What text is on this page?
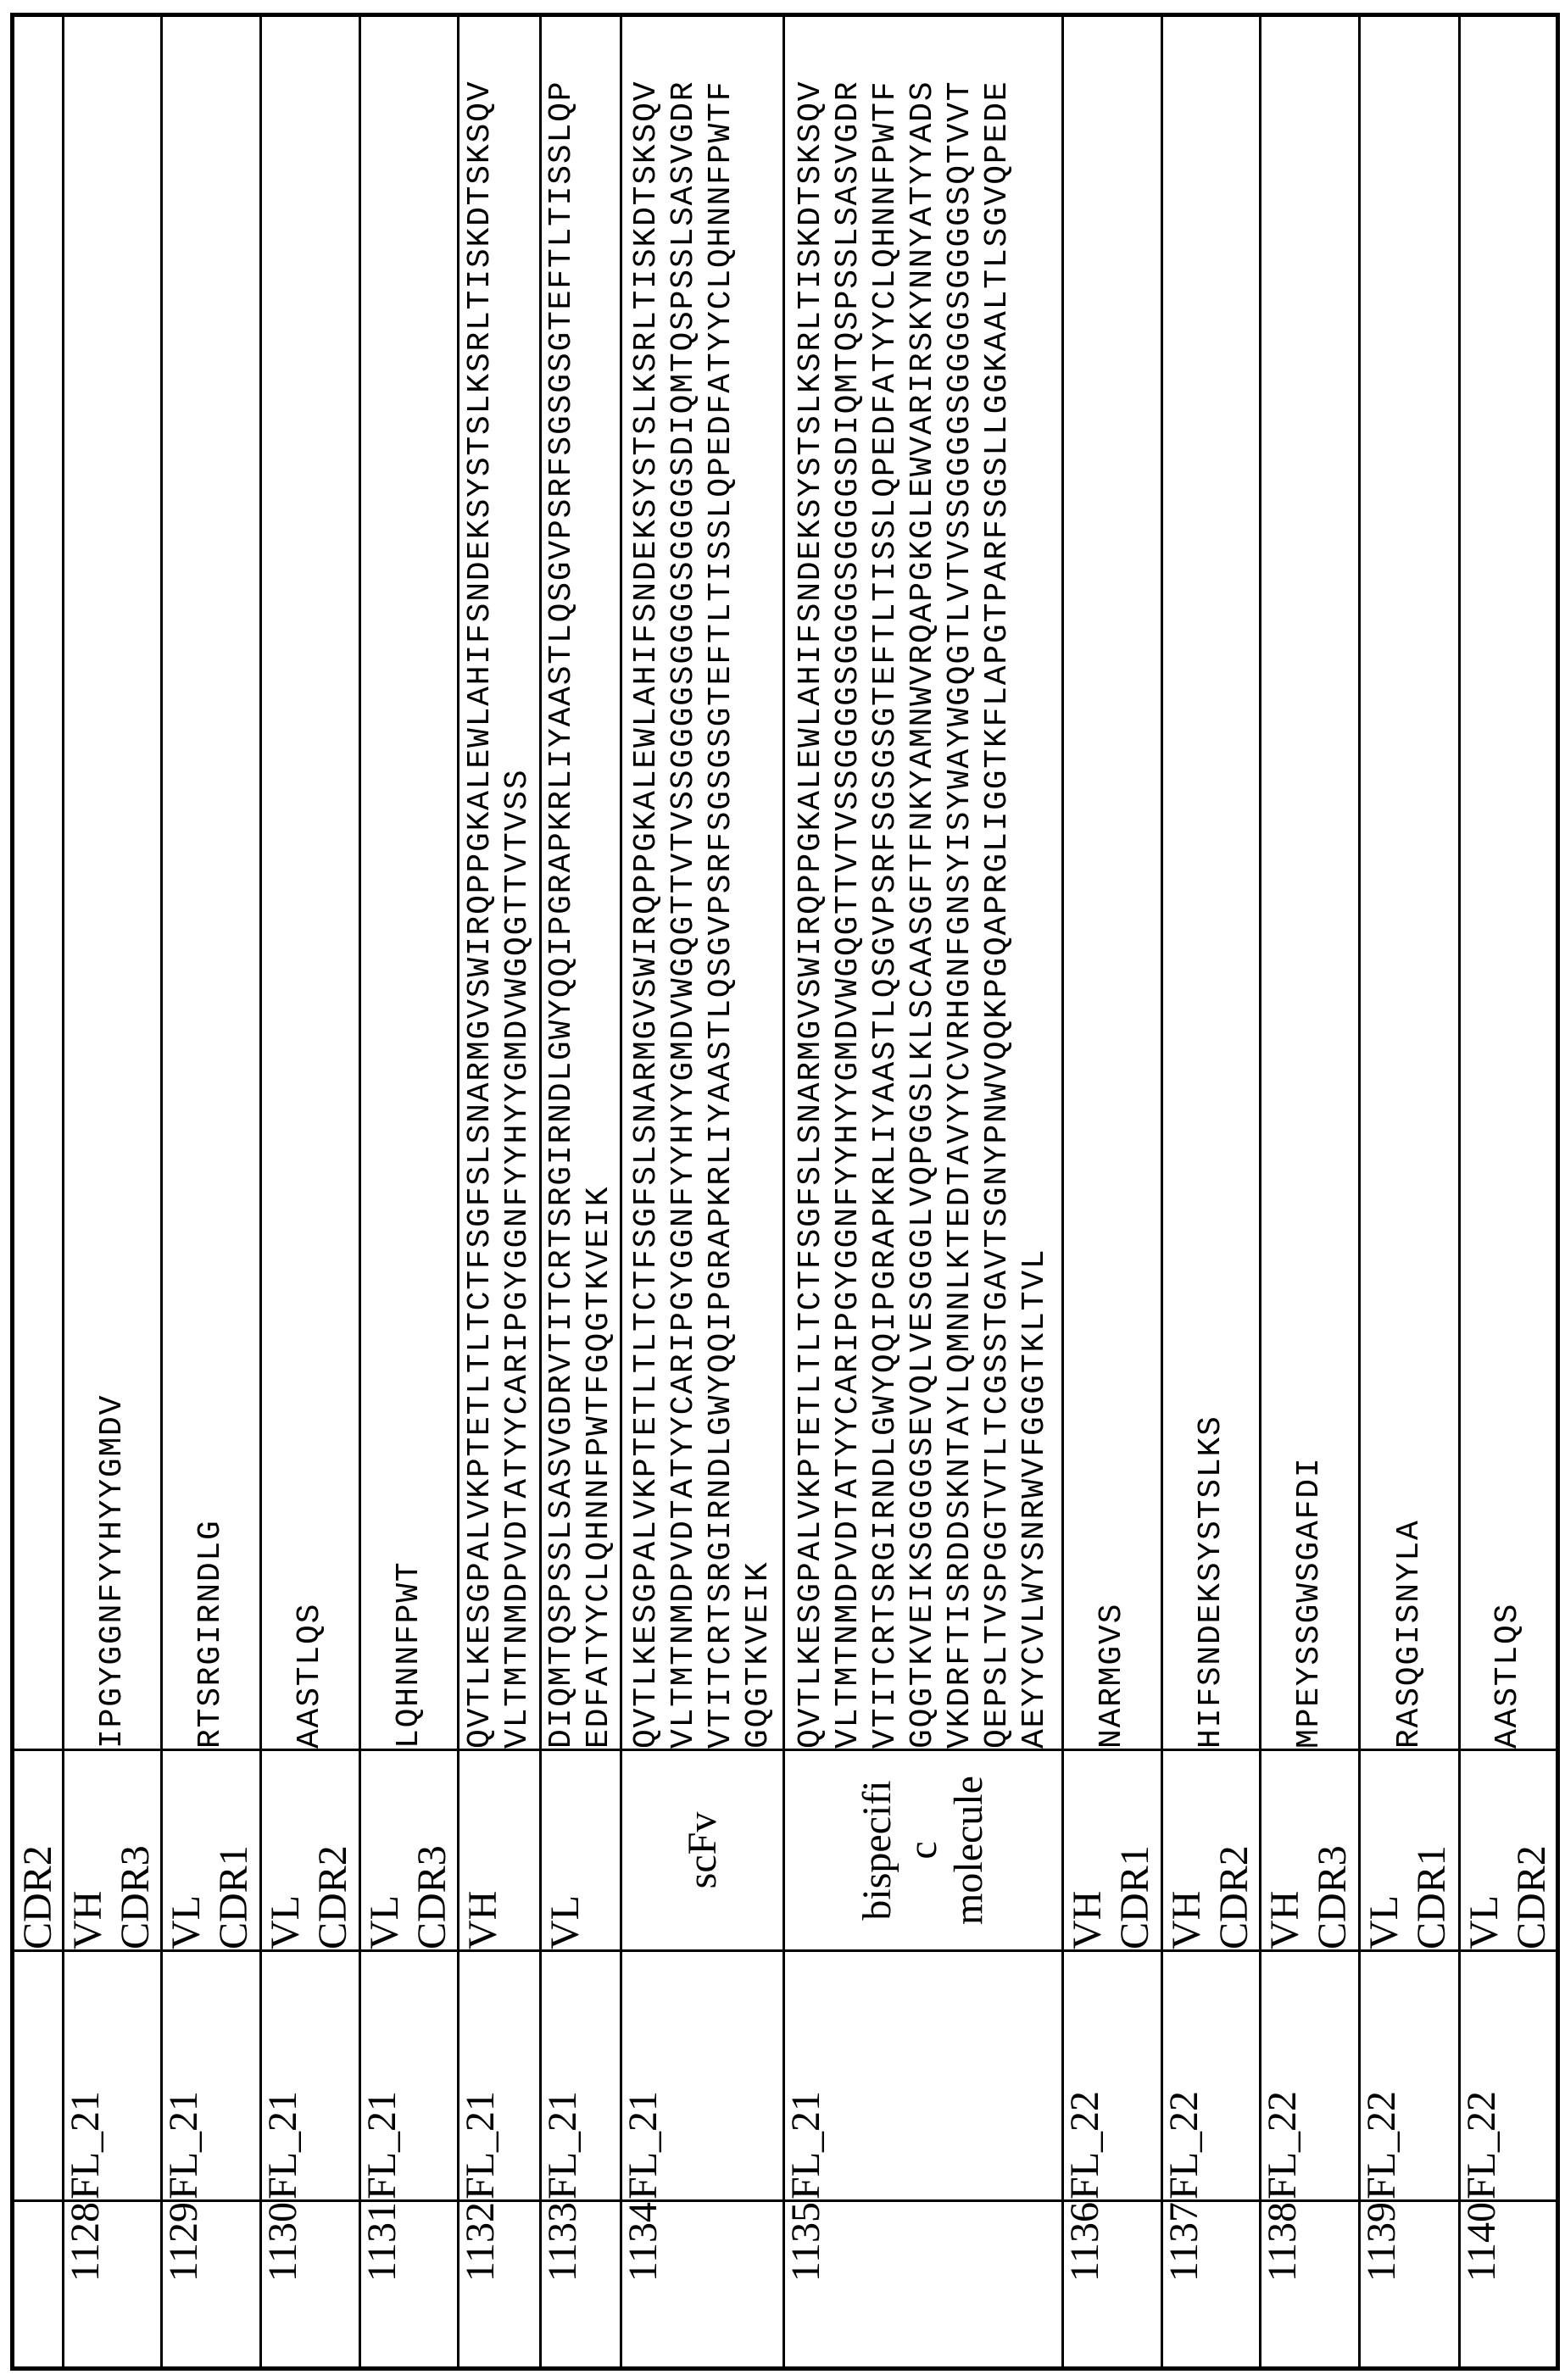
CDR2

1128	FL_21	
VH CDR3

IPGYGGNFYYHYYGMDV

1129	FL_21	
VL CDR1

RTSRGIRNDLG

1130	FL_21	
VL CDR2

AASTLQS

1131	FL_21	
VL CDR3

LQHNNFPWT

1132	FL_21	
VH

QVTLKESGPALVKPTETLTLTCTFSGFSLSNARMGVSWIRQPPGKALEWLAHIFSNDEKSYSTSLKSRLTISKDTSKSQV VLTMTNMDPVDTATYYCARIPGYGGNFYYHYYGMDVWGQGTTVTVSS

1133	FL_21	
VL

DIQMTQSPSSLSASVGDRVTITCRTSRGIRNDLGWYQQIPGRAPKRLIYAASTLQSGVPSRFSGSGSGTEFTLTISSLQP EDFATYYCLQHNNFPWTFGQGTKVEIK

1134	FL_21	
scFv

QVTLKESGPALVKPTETLTLTCTFSGFSLSNARMGVSWIRQPPGKALEWLAHIFSNDEKSYSTSLKSRLTISKDTSKSQV VLTMTNMDPVDTATYYCARIPGYGGNFYYHYYGMDVWGQGTTVTVSSGGGGSGGGGSGGGGSDIQMTQSPSSLSASVGDR VTITCRTSRGIRNDLGWYQQIPGRAPKRLIYAASTLQSGVPSRFSGSGSGTEFTLTISSLQPEDFATYYCLQHNNFPWTF GQGTKVEIK

1135	FL_21	
bispecifi c molecule

QVTLKESGPALVKPTETLTLTCTFSGFSLSNARMGVSWIRQPPGKALEWLAHIFSNDEKSYSTSLKSRLTISKDTSKSQV VLTMTNMDPVDTATYYCARIPGYGGNFYYHYYGMDVWGQGTTVTVSSGGGGSGGGGSGGGGSDIQMTQSPSSLSASVGDR VTITCRTSRGIRNDLGWYQQIPGRAPKRLIYAASTLQSGVPSRFSGSGSGTEFTLTISSLQPEDFATYYCLQHNNFPWTF GQGTKVEIKSGGGGSEVQLVESGGGLVQPGGSLKLSCAASGFTFNKYAMNWVRQAPGKGLEWVARIRSKYNNYATYYADS VKDRFTISRDDSKNTAYLQMNNLKTEDTAVYYCVRHGNFGNSYISYWAYWGQGTLVTVSSGGGGSGGGGSGGGGSQTVVT QEPSLTVSPGGTVTLTCGSSTGAVTSGNYPNWVQQKPGQAPRGLIGGTKFLAPGTPARFSGSLLGGKAALTLSGVQPEDE AEYYCVLWYSNRWVFGGGTKLTVL

1136	FL_22	
VH CDR1

NARMGVS

1137	FL_22	
VH CDR2

HIFSNDEKSYSTSLKS

1138	FL_22	
VH CDR3

MPEYSSGWSGAFDI

1139	FL_22	
VL CDR1

RASQGISNYLA

1140	FL_22	
VL CDR2

AASTLQS
